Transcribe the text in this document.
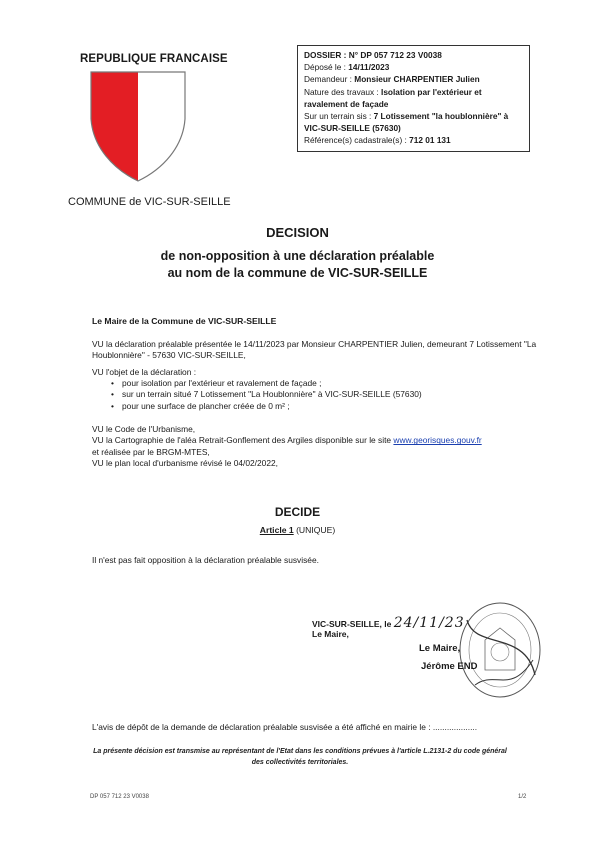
REPUBLIQUE FRANCAISE
COMMUNE de VIC-SUR-SEILLE
DOSSIER : N° DP 057 712 23 V0038
Déposé le : 14/11/2023
Demandeur : Monsieur CHARPENTIER Julien
Nature des travaux : Isolation par l'extérieur et ravalement de façade
Sur un terrain sis : 7 Lotissement "la houblonnière" à VIC-SUR-SEILLE (57630)
Référence(s) cadastrale(s) : 712 01 131
DECISION
de non-opposition à une déclaration préalable
au nom de la commune de VIC-SUR-SEILLE
Le Maire de la Commune de VIC-SUR-SEILLE
VU la déclaration préalable présentée le 14/11/2023 par Monsieur CHARPENTIER Julien, demeurant 7 Lotissement "La Houblonnière" - 57630 VIC-SUR-SEILLE,
VU l'objet de la déclaration :
• pour isolation par l'extérieur et ravalement de façade ;
• sur un terrain situé 7 Lotissement "La Houblonnière" à VIC-SUR-SEILLE (57630)
• pour une surface de plancher créée de 0 m² ;
VU le Code de l'Urbanisme,
VU la Cartographie de l'aléa Retrait-Gonflement des Argiles disponible sur le site www.georisques.gouv.fr
et réalisée par le BRGM-MTES,
VU le plan local d'urbanisme révisé le 04/02/2022,
DECIDE
Article 1 (UNIQUE)
Il n'est pas fait opposition à la déclaration préalable susvisée.
VIC-SUR-SEILLE, le 24/11/23
Le Maire,
Le Maire,
Jérôme END
L'avis de dépôt de la demande de déclaration préalable susvisée a été affiché en mairie le : ...................
La présente décision est transmise au représentant de l'Etat dans les conditions prévues à l'article L.2131-2 du code général des collectivités territoriales.
DP 057 712 23 V0038	1/2
